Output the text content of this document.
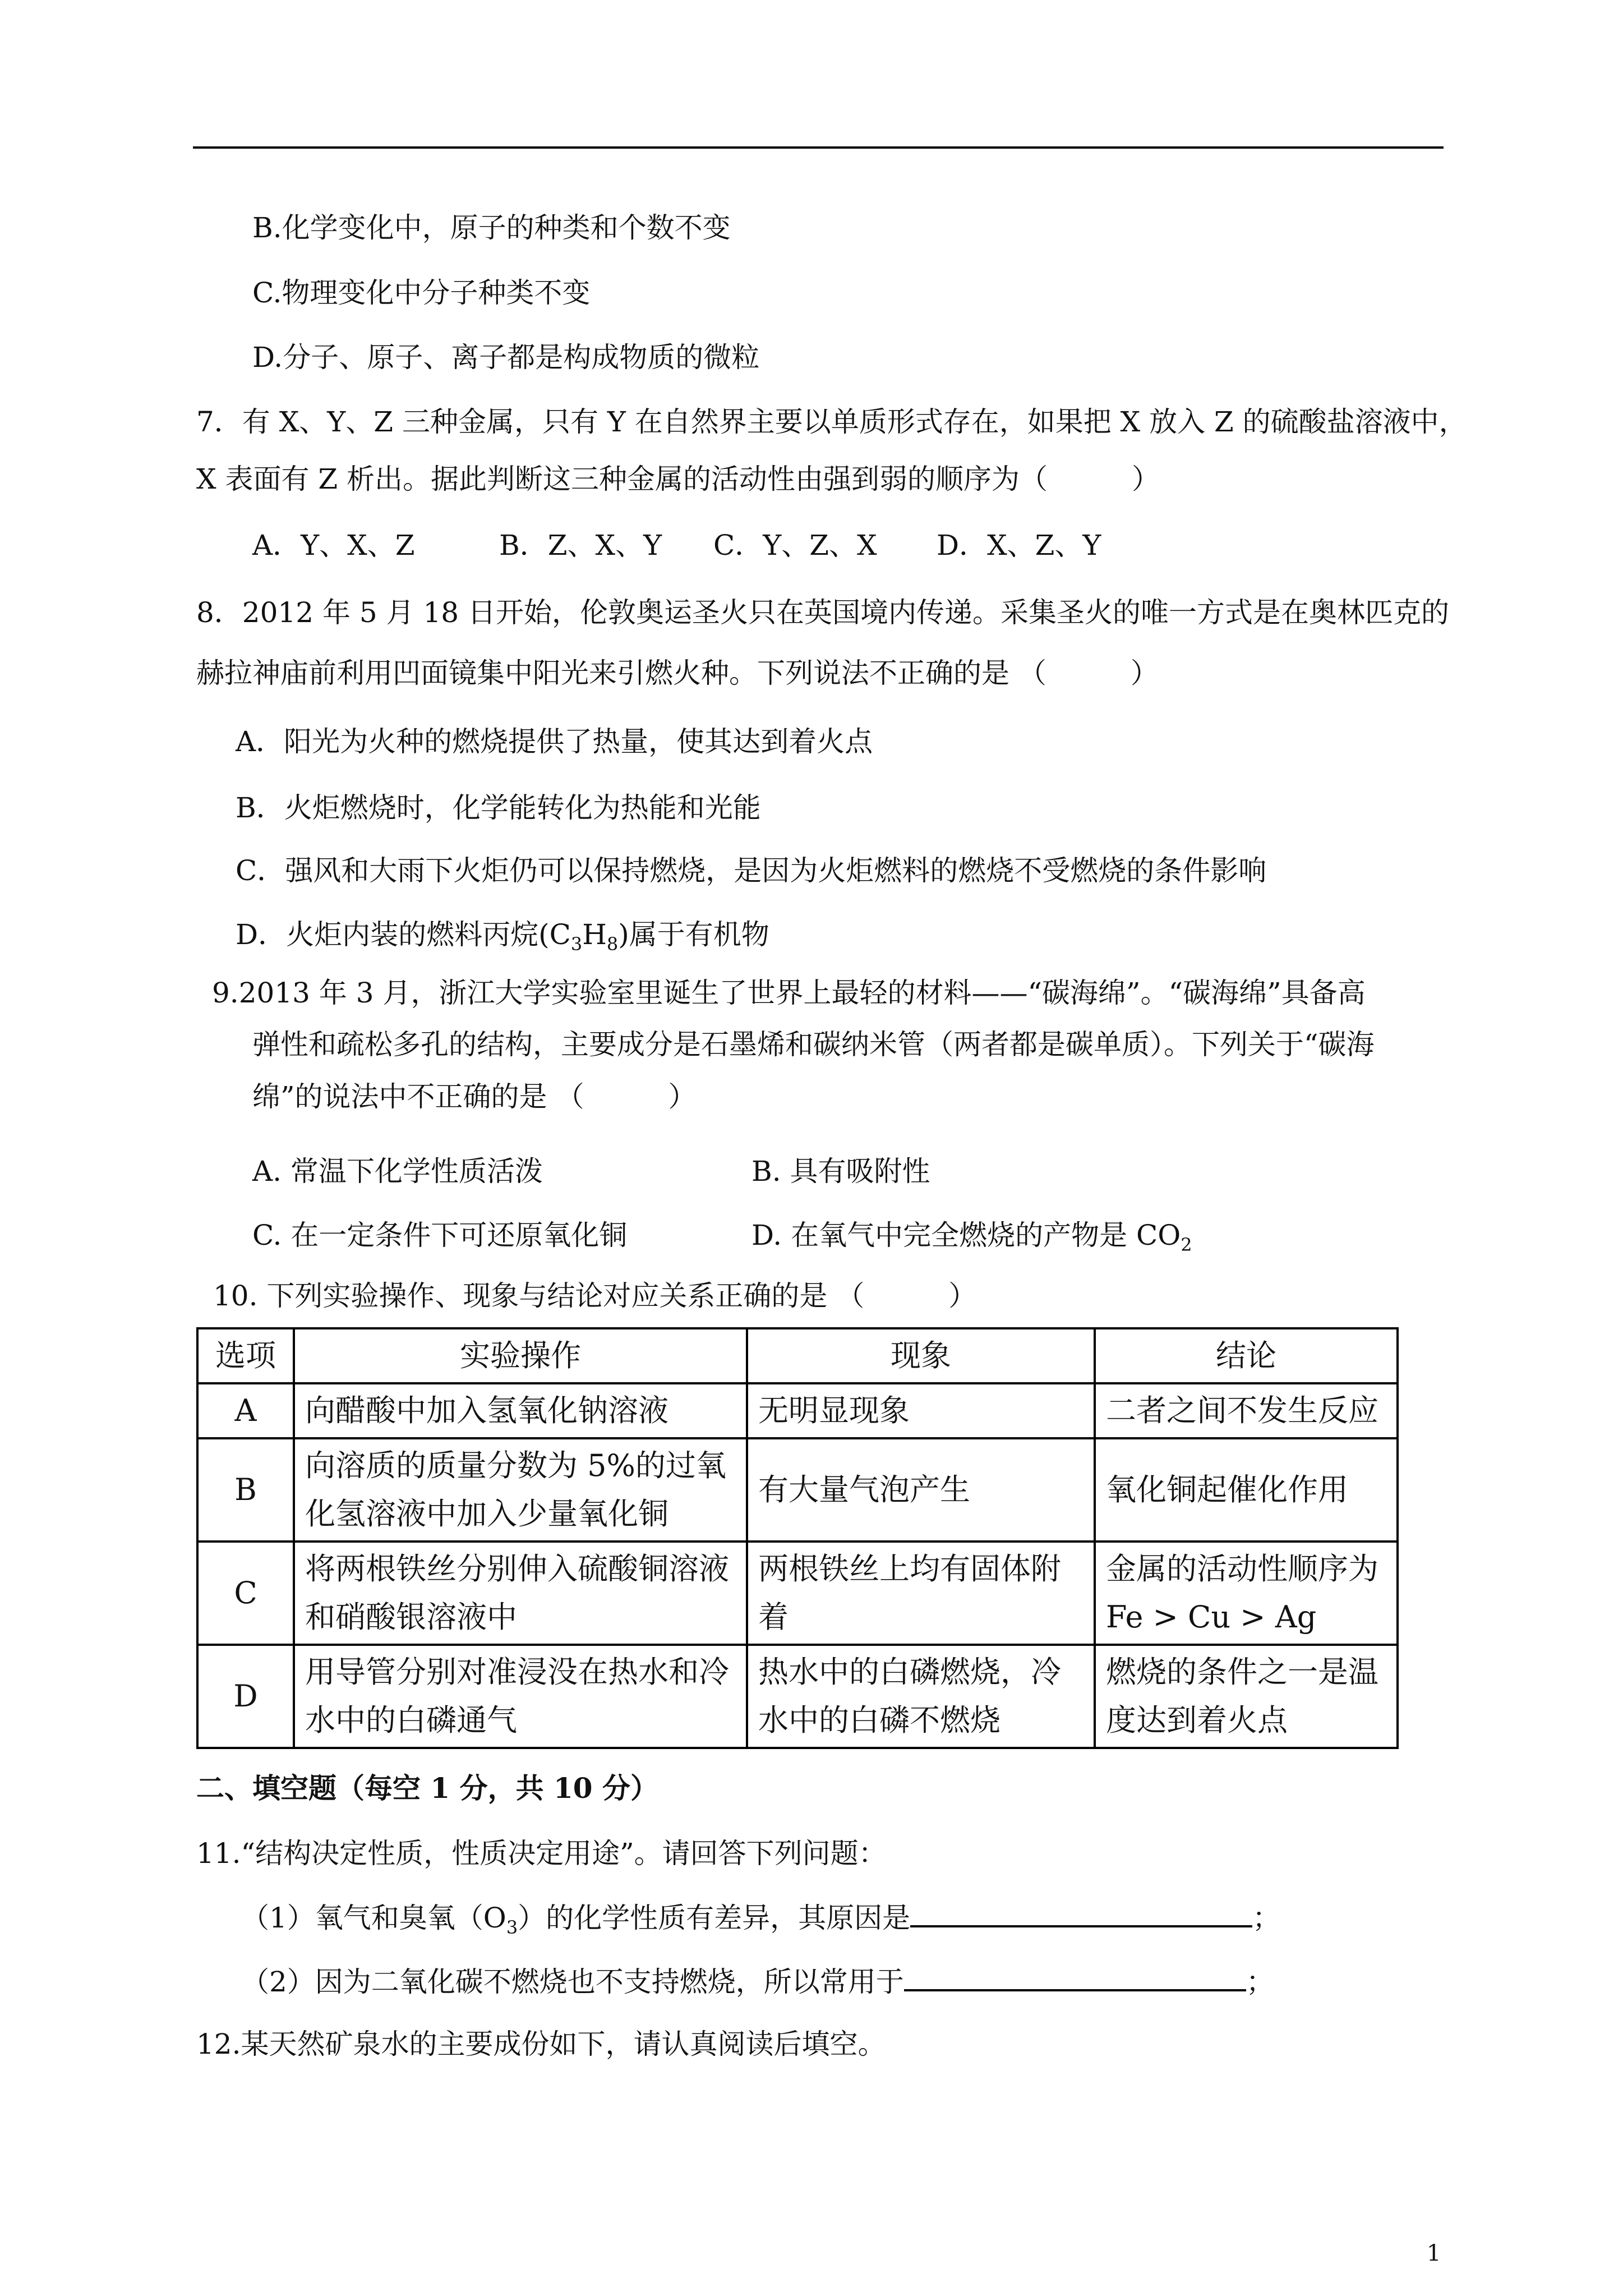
B.化学变化中，原子的种类和个数不变
C.物理变化中分子种类不变
D.分子、原子、离子都是构成物质的微粒
7．有 X、Y、Z 三种金属，只有 Y 在自然界主要以单质形式存在，如果把 X 放入 Z 的硫酸盐溶液中，
X 表面有 Z 析出。据此判断这三种金属的活动性由强到弱的顺序为（　　　）
A．Y、X、Z	B．Z、X、Y C．Y、Z、X D．X、Z、Y
8．2012 年 5 月 18 日开始，伦敦奥运圣火只在英国境内传递。采集圣火的唯一方式是在奥林匹克的
赫拉神庙前利用凹面镜集中阳光来引燃火种。下列说法不正确的是 （　　　）
A．阳光为火种的燃烧提供了热量，使其达到着火点
B．火炬燃烧时，化学能转化为热能和光能
C．强风和大雨下火炬仍可以保持燃烧，是因为火炬燃料的燃烧不受燃烧的条件影响
D．火炬内装的燃料丙烷$(C_3H_8)$属于有机物
9.2013 年 3 月，浙江大学实验室里诞生了世界上最轻的材料——“碳海绵”。“碳海绵”具备高
弹性和疏松多孔的结构，主要成分是石墨烯和碳纳米管（两者都是碳单质）。下列关于“碳海
绵”的说法中不正确的是 （　　　）
A. 常温下化学性质活泼	B. 具有吸附性
C. 在一定条件下可还原氧化铜	D. 在氧气中完全燃烧的产物是 $CO_2$
10. 下列实验操作、现象与结论对应关系正确的是 （　　　）
选项	实验操作	现象	结论
A	向醋酸中加入氢氧化钠溶液	无明显现象	二者之间不发生反应
B	向溶质的质量分数为 5%的过氧化氢溶液中加入少量氧化铜	有大量气泡产生	氧化铜起催化作用
C	将两根铁丝分别伸入硫酸铜溶液和硝酸银溶液中	两根铁丝上均有固体附着	金属的活动性顺序为 Fe > Cu > Ag
D	用导管分别对准浸没在热水和冷水中的白磷通气	热水中的白磷燃烧，冷水中的白磷不燃烧	燃烧的条件之一是温度达到着火点
二、填空题（每空 1 分，共 10 分）
11.“结构决定性质，性质决定用途”。请回答下列问题：
（1）氧气和臭氧$(O_3)$的化学性质有差异，其原因是	；
（2）因为二氧化碳不燃烧也不支持燃烧，所以常用于	；
12.某天然矿泉水的主要成份如下，请认真阅读后填空。
1
